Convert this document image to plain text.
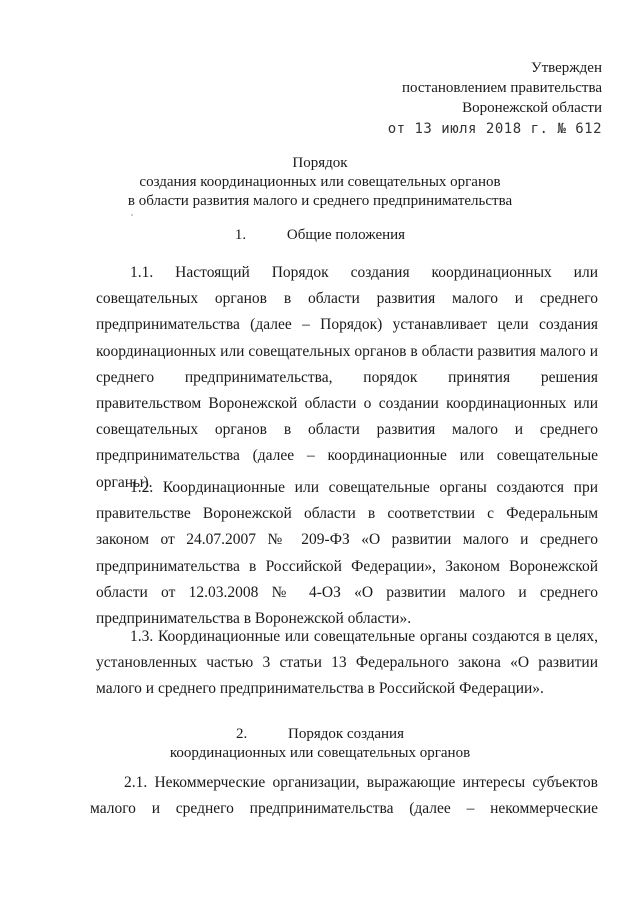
Утвержден
постановлением правительства
Воронежской области
от 13 июля 2018 г. № 612
Порядок
создания координационных или совещательных органов
в области развития малого и среднего предпринимательства
1.	Общие положения

1.1. Настоящий Порядок создания координационных или совещательных органов в области развития малого и среднего предпринимательства (далее – Порядок) устанавливает цели создания координационных или совещательных органов в области развития малого и среднего предпринимательства, порядок принятия решения правительством Воронежской области о создании координационных или совещательных органов в области развития малого и среднего предпринимательства (далее – координационные или совещательные органы).

1.2. Координационные или совещательные органы создаются при правительстве Воронежской области в соответствии с Федеральным законом от 24.07.2007 № 209-ФЗ «О развитии малого и среднего предпринимательства в Российской Федерации», Законом Воронежской области от 12.03.2008 № 4-ОЗ «О развитии малого и среднего предпринимательства в Воронежской области».

1.3. Координационные или совещательные органы создаются в целях, установленных частью 3 статьи 13 Федерального закона «О развитии малого и среднего предпринимательства в Российской Федерации».

2.	Порядок создания
координационных или совещательных органов

2.1. Некоммерческие организации, выражающие интересы субъектов малого и среднего предпринимательства (далее – некоммерческие
